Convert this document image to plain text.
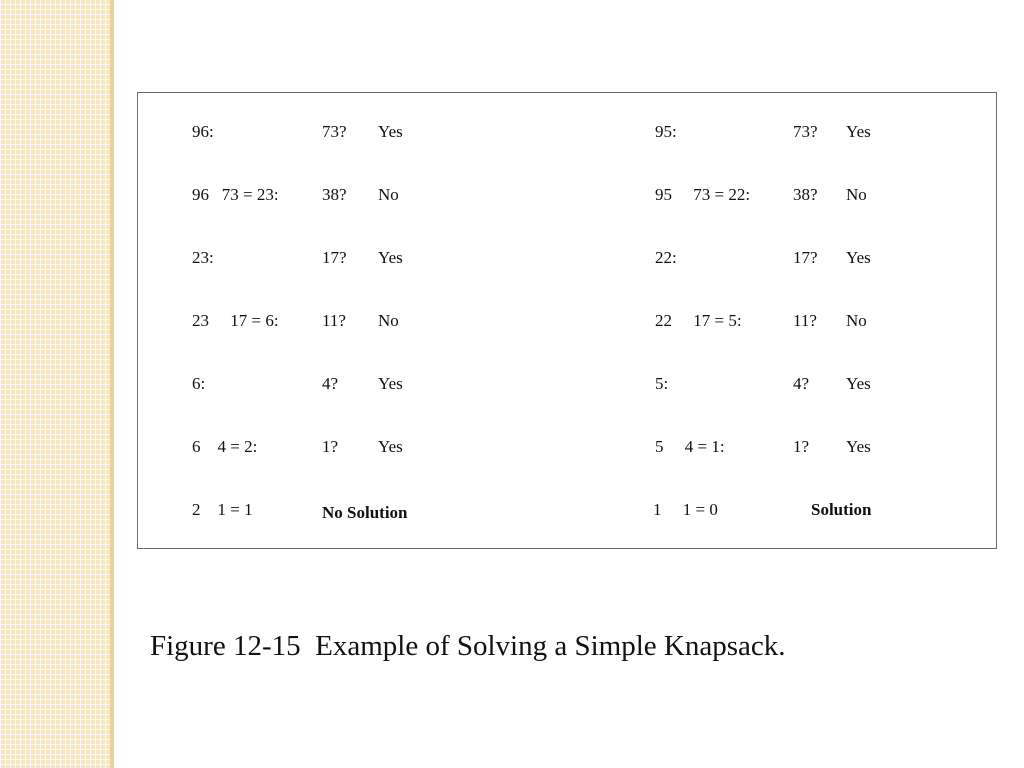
96:	73? Yes
96   73 = 23:	38? No
23:	17? Yes
23     17 = 6:	11? No
6:	4? Yes
6    4 = 2:	1? Yes
2    1 = 1	No Solution
95:	73? Yes
95     73 = 22:	38? No
22:	17? Yes
22     17 = 5:	11? No
5:	4? Yes
5     4 = 1:	1? Yes
1     1 = 0	Solution
Figure 12-15  Example of Solving a Simple Knapsack.
